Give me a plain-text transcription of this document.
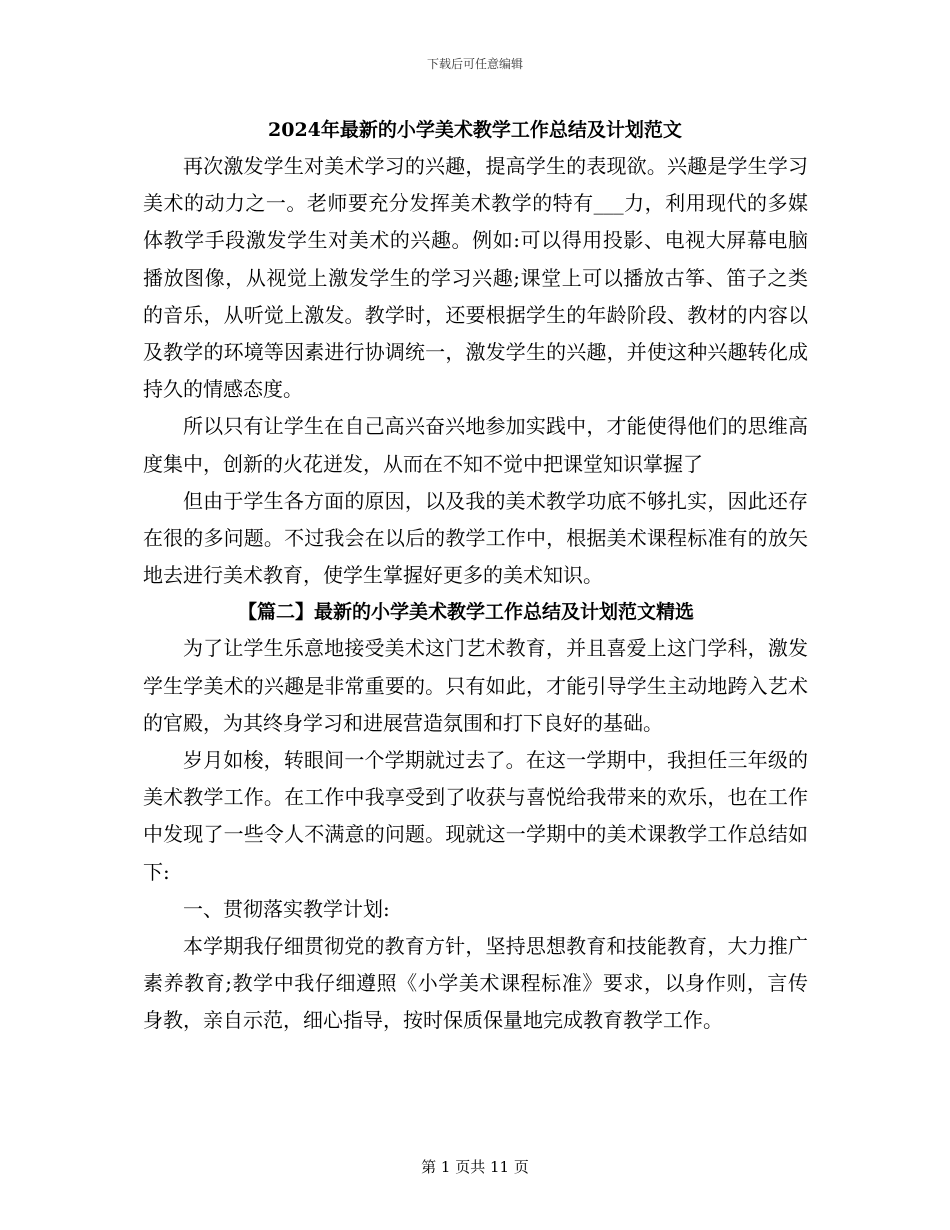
下载后可任意编辑
2024年最新的小学美术教学工作总结及计划范文

再次激发学生对美术学习的兴趣，提高学生的表现欲。兴趣是学生学习美术的动力之一。老师要充分发挥美术教学的特有___力，利用现代的多媒体教学手段激发学生对美术的兴趣。例如:可以得用投影、电视大屏幕电脑播放图像，从视觉上激发学生的学习兴趣;课堂上可以播放古筝、笛子之类的音乐，从听觉上激发。教学时，还要根据学生的年龄阶段、教材的内容以及教学的环境等因素进行协调统一，激发学生的兴趣，并使这种兴趣转化成持久的情感态度。

所以只有让学生在自己高兴奋兴地参加实践中，才能使得他们的思维高度集中，创新的火花迸发，从而在不知不觉中把课堂知识掌握了

但由于学生各方面的原因，以及我的美术教学功底不够扎实，因此还存在很的多问题。不过我会在以后的教学工作中，根据美术课程标准有的放矢地去进行美术教育，使学生掌握好更多的美术知识。

【篇二】最新的小学美术教学工作总结及计划范文精选

为了让学生乐意地接受美术这门艺术教育，并且喜爱上这门学科，激发学生学美术的兴趣是非常重要的。只有如此，才能引导学生主动地跨入艺术的官殿，为其终身学习和进展营造氛围和打下良好的基础。

岁月如梭，转眼间一个学期就过去了。在这一学期中，我担任三年级的美术教学工作。在工作中我享受到了收获与喜悦给我带来的欢乐，也在工作中发现了一些令人不满意的问题。现就这一学期中的美术课教学工作总结如下:

一、贯彻落实教学计划:

本学期我仔细贯彻党的教育方针，坚持思想教育和技能教育，大力推广素养教育;教学中我仔细遵照《小学美术课程标准》要求，以身作则，言传身教，亲自示范，细心指导，按时保质保量地完成教育教学工作。

第 1 页共 11 页
